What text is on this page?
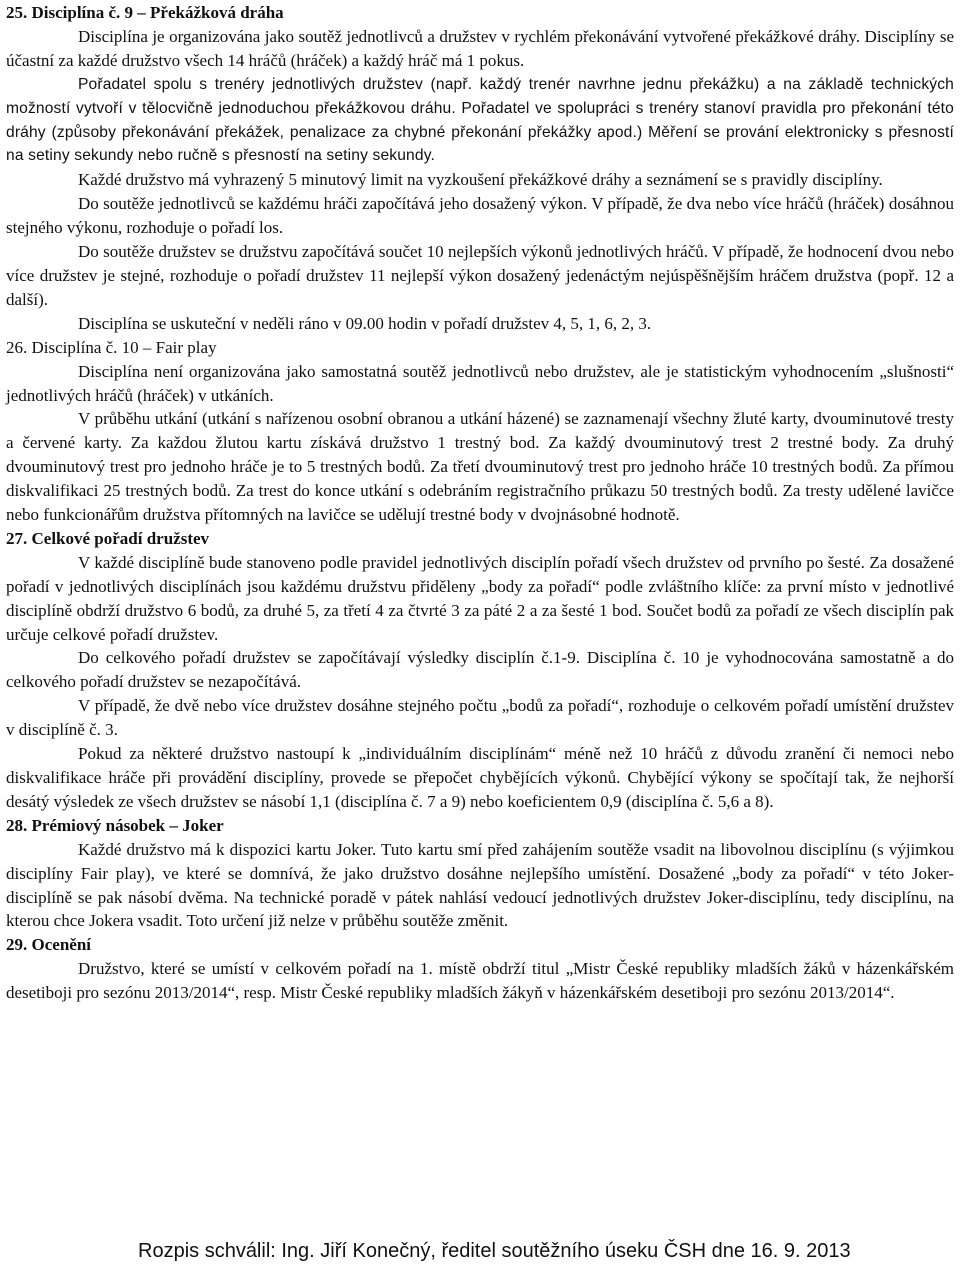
25. Disciplína č. 9 – Překážková dráha

Disciplína je organizována jako soutěž jednotlivců a družstev v rychlém překonávání vytvořené překážkové dráhy. Disciplíny se účastní za každé družstvo všech 14 hráčů (hráček) a každý hráč má 1 pokus.

Pořadatel spolu s trenéry jednotlivých družstev (např. každý trenér navrhne jednu překážku) a na základě technických možností vytvoří v tělocvičně jednoduchou překážkovou dráhu. Pořadatel ve spolupráci s trenéry stanoví pravidla pro překonání této dráhy (způsoby překonávání překážek, penalizace za chybné překonání překážky apod.) Měření se prování elektronicky s přesností na setiny sekundy nebo ručně s přesností na setiny sekundy.

Každé družstvo má vyhrazený 5 minutový limit na vyzkoušení překážkové dráhy a seznámení se s pravidly disciplíny.

Do soutěže jednotlivců se každému hráči započítává jeho dosažený výkon. V případě, že dva nebo více hráčů (hráček) dosáhnou stejného výkonu, rozhoduje o pořadí los.

Do soutěže družstev se družstvu započítává součet 10 nejlepších výkonů jednotlivých hráčů. V případě, že hodnocení dvou nebo více družstev je stejné, rozhoduje o pořadí družstev 11 nejlepší výkon dosažený jedenáctým nejúspěšnějším hráčem družstva (popř. 12 a další).

Disciplína se uskuteční v neděli ráno v 09.00 hodin v pořadí družstev 4, 5, 1, 6, 2, 3.

26. Disciplína č. 10 – Fair play

Disciplína není organizována jako samostatná soutěž jednotlivců nebo družstev, ale je statistickým vyhodnocením „slušnosti“ jednotlivých hráčů (hráček) v utkáních.

V průběhu utkání (utkání s nařízenou osobní obranou a utkání házené) se zaznamenají všechny žluté karty, dvouminutové tresty a červené karty. Za každou žlutou kartu získává družstvo 1 trestný bod. Za každý dvouminutový trest 2 trestné body. Za druhý dvouminutový trest pro jednoho hráče je to 5 trestných bodů. Za třetí dvouminutový trest pro jednoho hráče 10 trestných bodů. Za přímou diskvalifikaci 25 trestných bodů. Za trest do konce utkání s odebráním registračního průkazu 50 trestných bodů. Za tresty udělené lavičce nebo funkcionářům družstva přítomných na lavičce se udělují trestné body v dvojnásobné hodnotě.

27. Celkové pořadí družstev

V každé disciplíně bude stanoveno podle pravidel jednotlivých disciplín pořadí všech družstev od prvního po šesté. Za dosažené pořadí v jednotlivých disciplínách jsou každému družstvu přiděleny „body za pořadí“ podle zvláštního klíče: za první místo v jednotlivé disciplíně obdrží družstvo 6 bodů, za druhé 5, za třetí 4 za čtvrté 3 za páté 2 a za šesté 1 bod. Součet bodů za pořadí ze všech disciplín pak určuje celkové pořadí družstev.

Do celkového pořadí družstev se započítávají výsledky disciplín č.1-9. Disciplína č. 10 je vyhodnocována samostatně a do celkového pořadí družstev se nezapočítává.

V případě, že dvě nebo více družstev dosáhne stejného počtu „bodů za pořadí“, rozhoduje o celkovém pořadí umístění družstev v disciplíně č. 3.

Pokud za některé družstvo nastoupí k „individuálním disciplínám“ méně než 10 hráčů z důvodu zranění či nemoci nebo diskvalifikace hráče při provádění disciplíny, provede se přepočet chybějících výkonů. Chybějící výkony se spočítají tak, že nejhorší desátý výsledek ze všech družstev se násobí 1,1 (disciplína č. 7 a 9) nebo koeficientem 0,9 (disciplína č. 5,6 a 8).

28. Prémiový násobek – Joker

Každé družstvo má k dispozici kartu Joker. Tuto kartu smí před zahájením soutěže vsadit na libovolnou disciplínu (s výjimkou disciplíny Fair play), ve které se domnívá, že jako družstvo dosáhne nejlepšího umístění. Dosažené „body za pořadí“ v této Joker-disciplíně se pak násobí dvěma. Na technické poradě v pátek nahlásí vedoucí jednotlivých družstev Joker-disciplínu, tedy disciplínu, na kterou chce Jokera vsadit. Toto určení již nelze v průběhu soutěže změnit.

29. Ocenění

Družstvo, které se umístí v celkovém pořadí na 1. místě obdrží titul „Mistr České republiky mladších žáků v házenkářském desetiboji pro sezónu 2013/2014“, resp. Mistr České republiky mladších žákyň v házenkářském desetiboji pro sezónu 2013/2014“.

Rozpis schválil: Ing. Jiří Konečný, ředitel soutěžního úseku ČSH dne 16. 9. 2013
